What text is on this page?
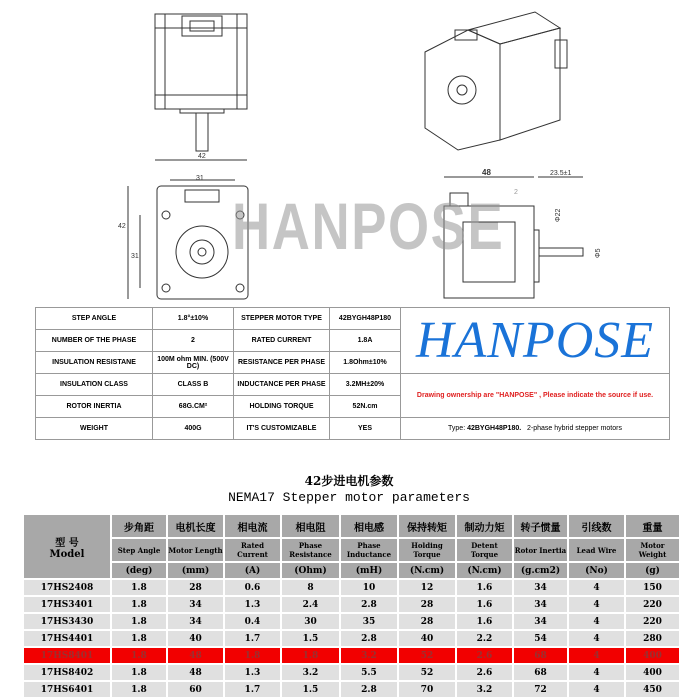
42
31
42
31
48	23.5±1
2
Φ22
Φ5
HANPOSE
STEP ANGLE	1.8°±10%	STEPPER MOTOR TYPE	42BYGH48P180	HANPOSE
NUMBER OF THE PHASE	2	RATED CURRENT	1.8A	
INSULATION RESISTANE	100M ohm MIN. (500V DC)	RESISTANCE PER PHASE	1.8Ohm±10%	
INSULATION CLASS	CLASS B	INDUCTANCE PER PHASE	3.2MH±20%	Drawing ownership are "HANPOSE" , Please indicate the source if use.
ROTOR INERTIA	68G.CM²	HOLDING TORQUE	52N.cm	
WEIGHT	400G	IT'S CUSTOMIZABLE	YES	Type: 42BYGH48P180. 2-phase hybrid stepper motors
42步进电机参数
NEMA17 Stepper motor parameters
型 号
Model	步角距	电机长度	相电流	相电阻	相电感	保持转矩	制动力矩	转子惯量	引线数	重量
	Step Angle	Motor Length	Rated Current	Phase Resistance	Phase Inductance	Holding Torque	Detent Torque	Rotor Inertia	Lead Wire	Motor Weight
	(deg)	(mm)	(A)	(Ohm)	(mH)	(N.cm)	(N.cm)	(g.cm2)	(No)	(g)
17HS2408	1.8	28	0.6	8	10	12	1.6	34	4	150
17HS3401	1.8	34	1.3	2.4	2.8	28	1.6	34	4	220
17HS3430	1.8	34	0.4	30	35	28	1.6	34	4	220
17HS4401	1.8	40	1.7	1.5	2.8	40	2.2	54	4	280
17HS8401	1.8	48	1.8	1.8	3.2	52	2.6	68	4	400
17HS8402	1.8	48	1.3	3.2	5.5	52	2.6	68	4	400
17HS6401	1.8	60	1.7	1.5	2.8	70	3.2	72	4	450
